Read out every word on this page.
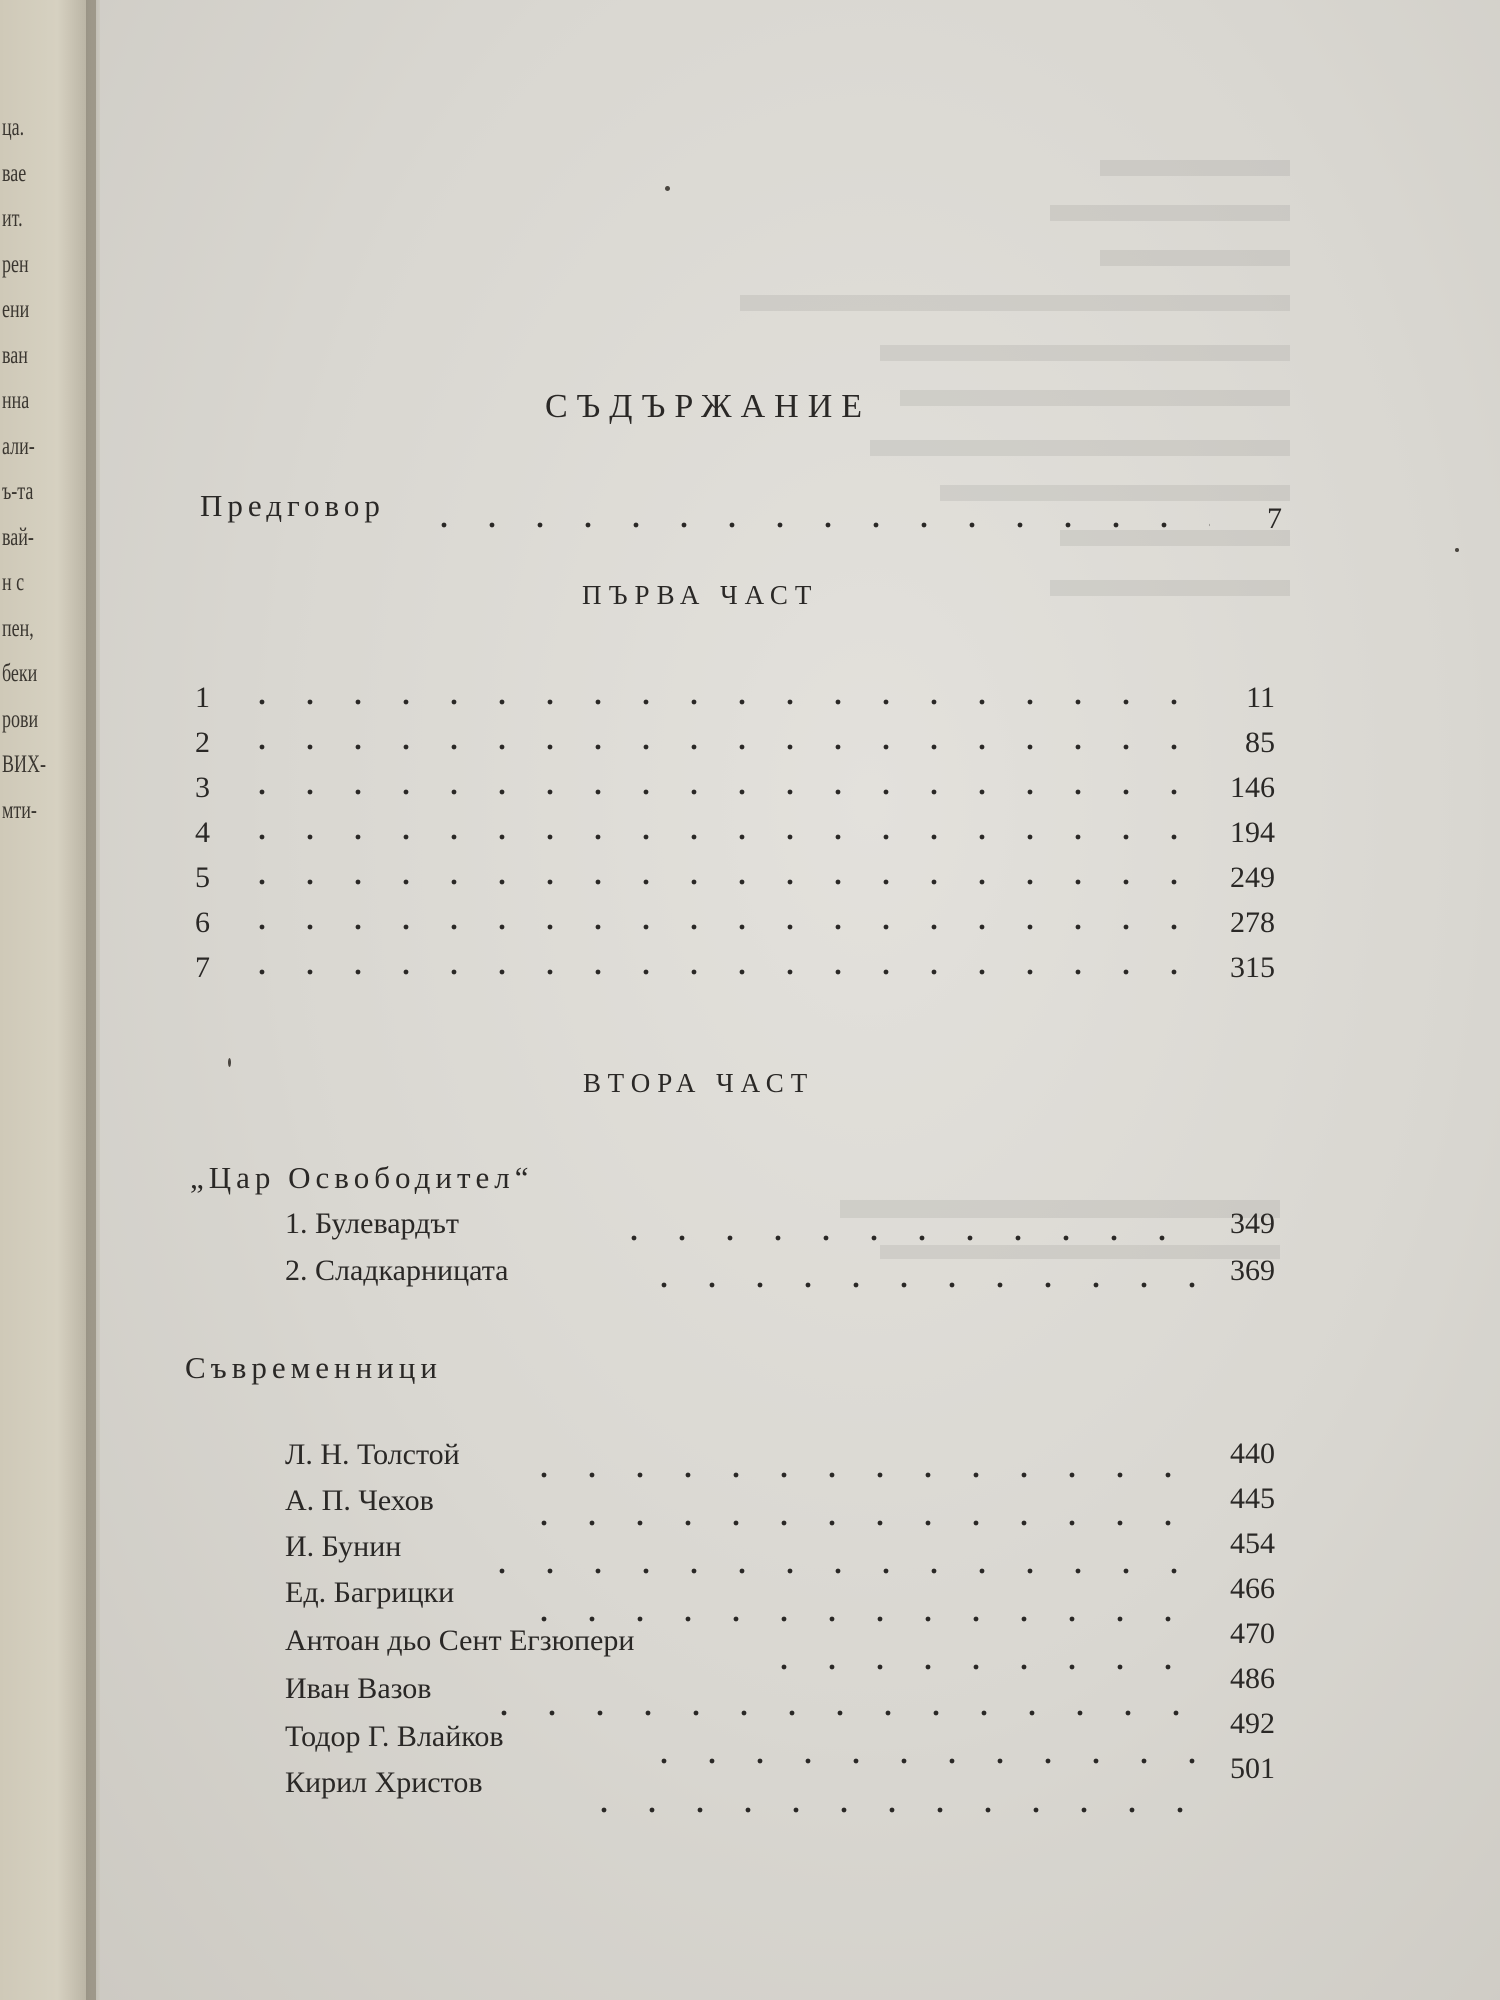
ца.
вае
ит.
рен
ени
ван
нна
али-
ъ-та
вай-
н с
пен,
беки
рови
ВИХ-
мти-
СЪДЪРЖАНИЕ
Предговор	7
ПЪРВА ЧАСТ
1	11
2	85
3	146
4	194
5	249
6	278
7	315
ВТОРА ЧАСТ
„Цар Освободител“
1. Булевардът	349
2. Сладкарницата	369
Съвременници
Л. Н. Толстой	440
А. П. Чехов	445
И. Бунин	454
Ед. Багрицки	466
Антоан дьо Сент Егзюпери	470
Иван Вазов	486
Тодор Г. Влайков	492
Кирил Христов	501
